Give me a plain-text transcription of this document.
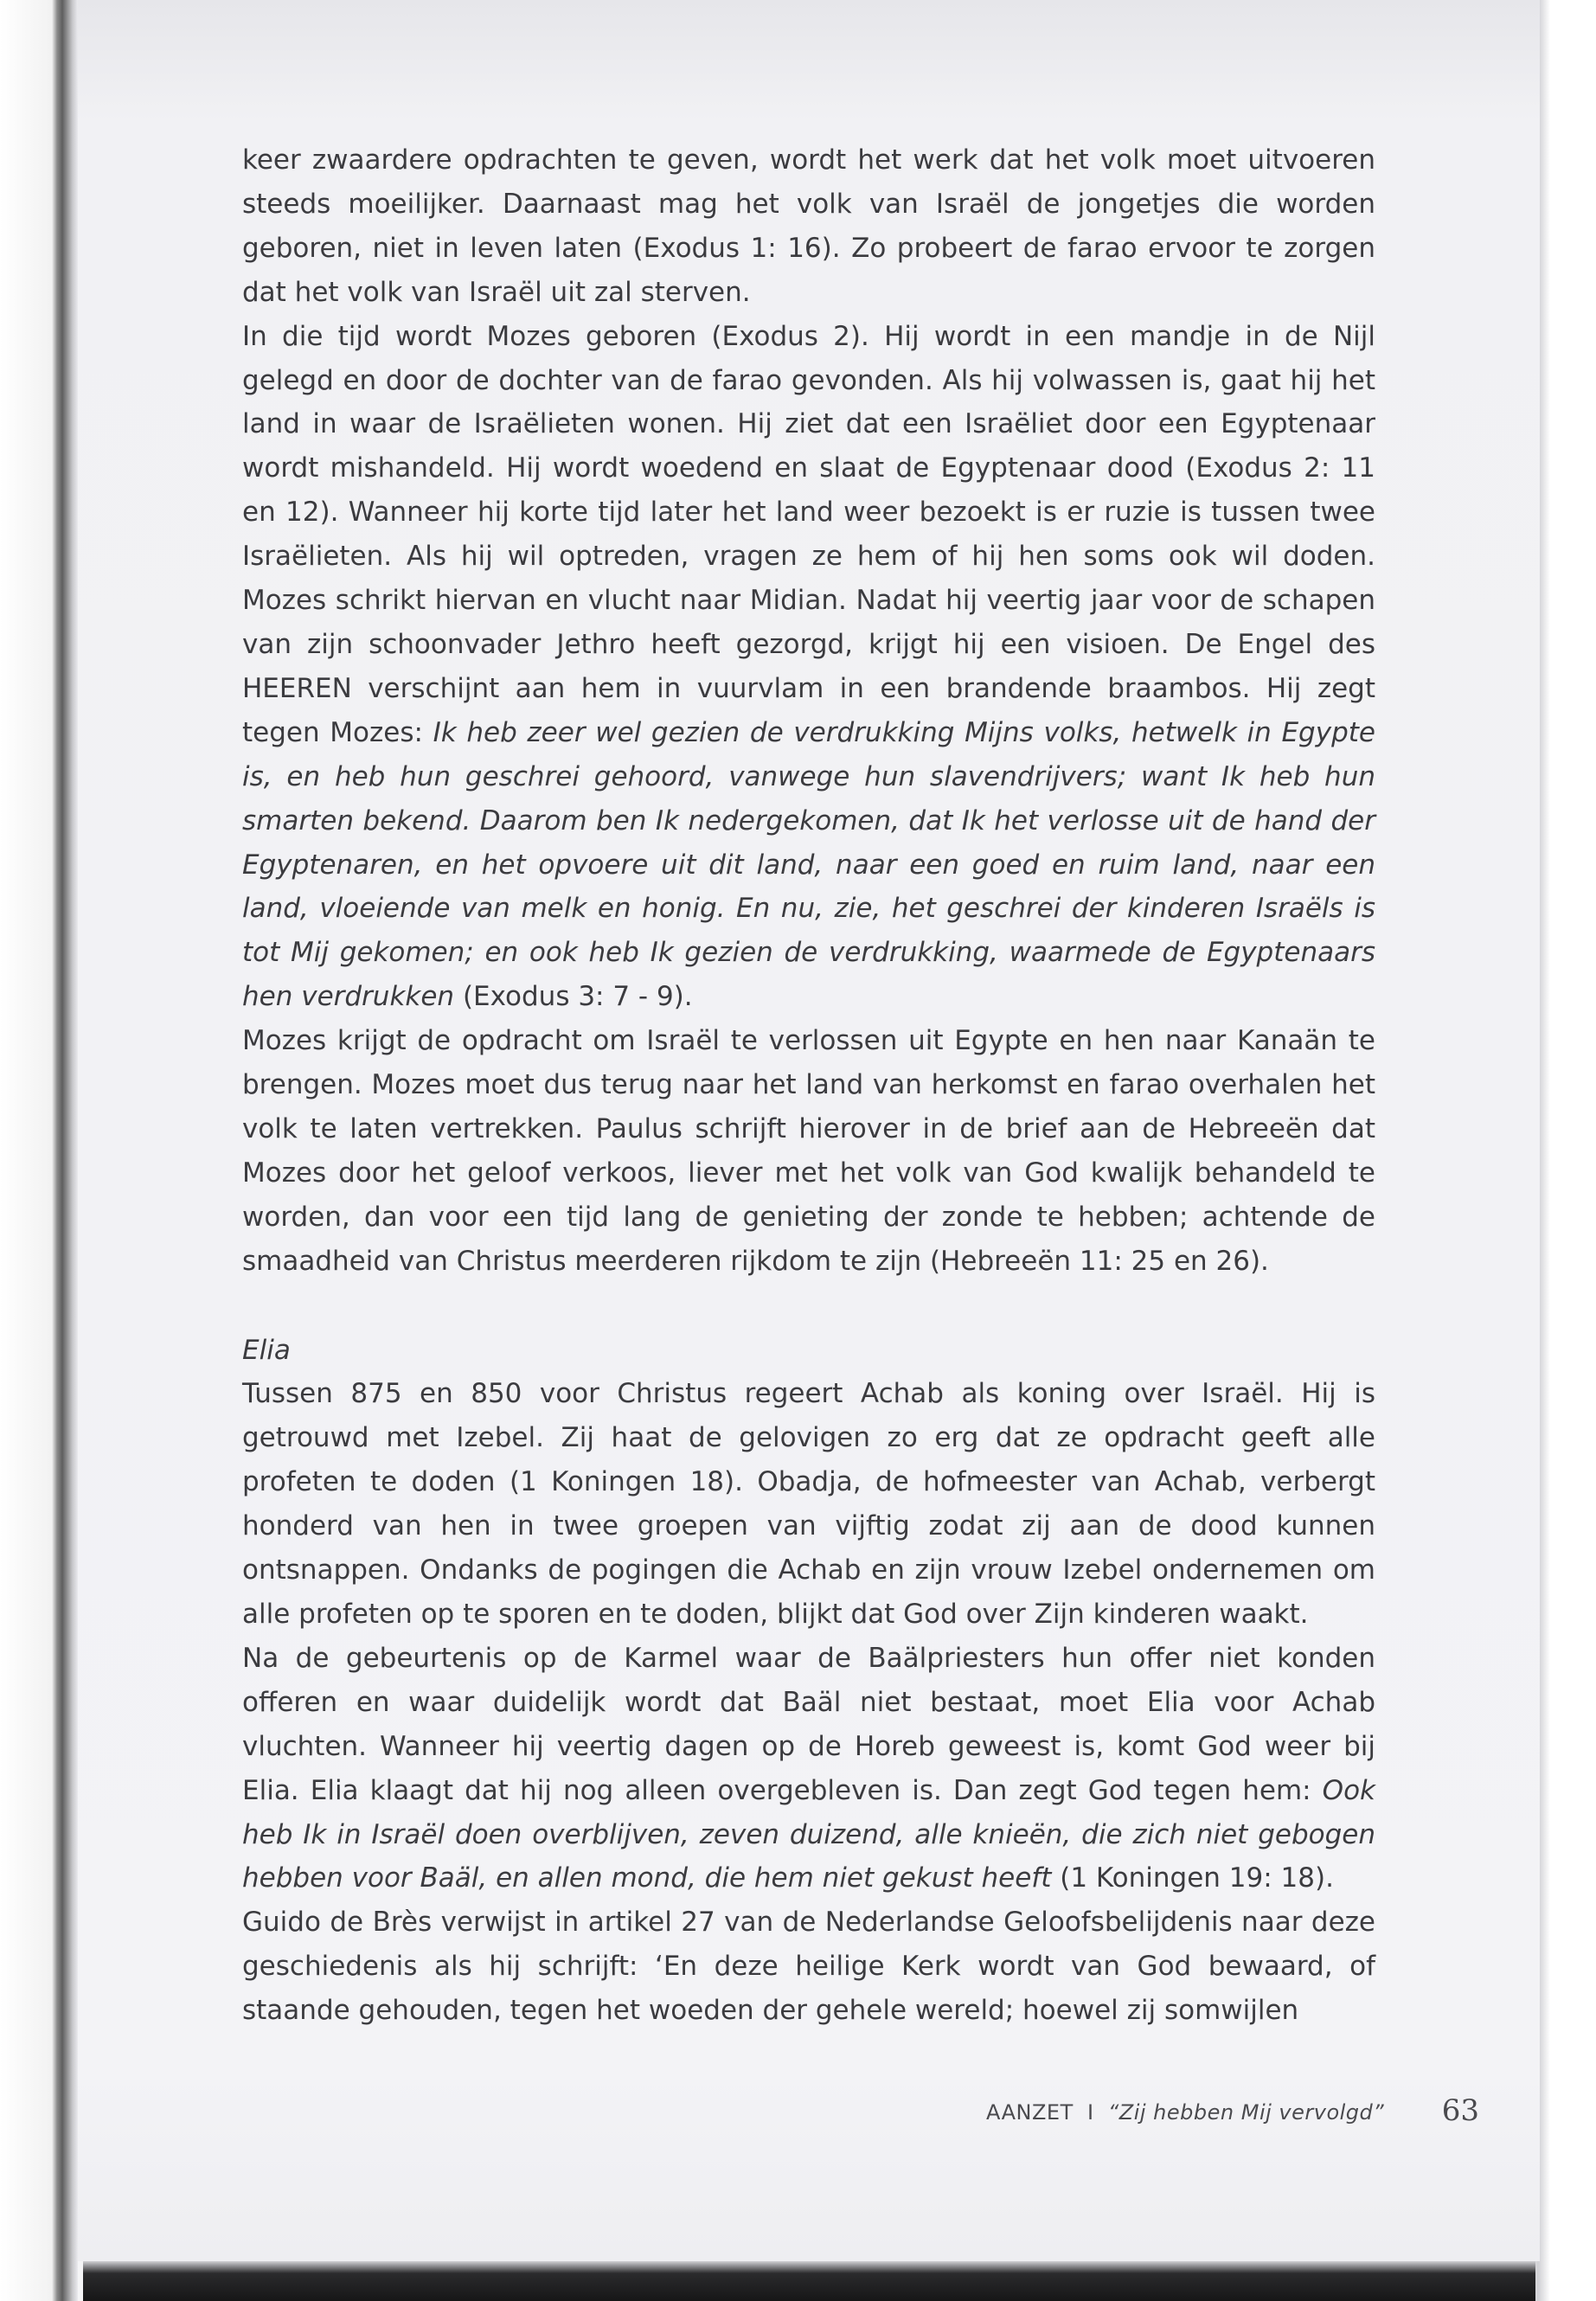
keer zwaardere opdrachten te geven, wordt het werk dat het volk moet uitvoeren steeds moeilijker. Daarnaast mag het volk van Israël de jongetjes die worden geboren, niet in leven laten (Exodus 1: 16). Zo probeert de farao ervoor te zorgen dat het volk van Israël uit zal sterven.

In die tijd wordt Mozes geboren (Exodus 2). Hij wordt in een mandje in de Nijl gelegd en door de dochter van de farao gevonden. Als hij volwassen is, gaat hij het land in waar de Israëlieten wonen. Hij ziet dat een Israëliet door een Egyptenaar wordt mishandeld. Hij wordt woedend en slaat de Egyptenaar dood (Exodus 2: 11 en 12). Wanneer hij korte tijd later het land weer bezoekt is er ruzie is tussen twee Israëlieten. Als hij wil optreden, vragen ze hem of hij hen soms ook wil doden. Mozes schrikt hiervan en vlucht naar Midian. Nadat hij veertig jaar voor de schapen van zijn schoonvader Jethro heeft gezorgd, krijgt hij een visioen. De Engel des HEEREN verschijnt aan hem in vuurvlam in een brandende braambos. Hij zegt tegen Mozes: Ik heb zeer wel gezien de verdrukking Mijns volks, hetwelk in Egypte is, en heb hun geschrei gehoord, vanwege hun slavendrijvers; want Ik heb hun smarten bekend. Daarom ben Ik nedergekomen, dat Ik het verlosse uit de hand der Egyptenaren, en het opvoere uit dit land, naar een goed en ruim land, naar een land, vloeiende van melk en honig. En nu, zie, het geschrei der kinderen Israëls is tot Mij gekomen; en ook heb Ik gezien de verdrukking, waarmede de Egyptenaars hen verdrukken (Exodus 3: 7 - 9).

Mozes krijgt de opdracht om Israël te verlossen uit Egypte en hen naar Kanaän te brengen. Mozes moet dus terug naar het land van herkomst en farao overhalen het volk te laten vertrekken. Paulus schrijft hierover in de brief aan de Hebreeën dat Mozes door het geloof verkoos, liever met het volk van God kwalijk behandeld te worden, dan voor een tijd lang de genieting der zonde te hebben; achtende de smaadheid van Christus meerderen rijkdom te zijn (Hebreeën 11: 25 en 26).

Elia

Tussen 875 en 850 voor Christus regeert Achab als koning over Israël. Hij is getrouwd met Izebel. Zij haat de gelovigen zo erg dat ze opdracht geeft alle profeten te doden (1 Koningen 18). Obadja, de hofmeester van Achab, verbergt honderd van hen in twee groepen van vijftig zodat zij aan de dood kunnen ontsnappen. Ondanks de pogingen die Achab en zijn vrouw Izebel ondernemen om alle profeten op te sporen en te doden, blijkt dat God over Zijn kinderen waakt.

Na de gebeurtenis op de Karmel waar de Baälpriesters hun offer niet konden offeren en waar duidelijk wordt dat Baäl niet bestaat, moet Elia voor Achab vluchten. Wanneer hij veertig dagen op de Horeb geweest is, komt God weer bij Elia. Elia klaagt dat hij nog alleen overgebleven is. Dan zegt God tegen hem: Ook heb Ik in Israël doen overblijven, zeven duizend, alle knieën, die zich niet gebogen hebben voor Baäl, en allen mond, die hem niet gekust heeft (1 Koningen 19: 18).

Guido de Brès verwijst in artikel 27 van de Nederlandse Geloofsbelijdenis naar deze geschiedenis als hij schrijft: ‘En deze heilige Kerk wordt van God bewaard, of staande gehouden, tegen het woeden der gehele wereld; hoewel zij somwijlen

AANZET I “Zij hebben Mij vervolgd” 63
